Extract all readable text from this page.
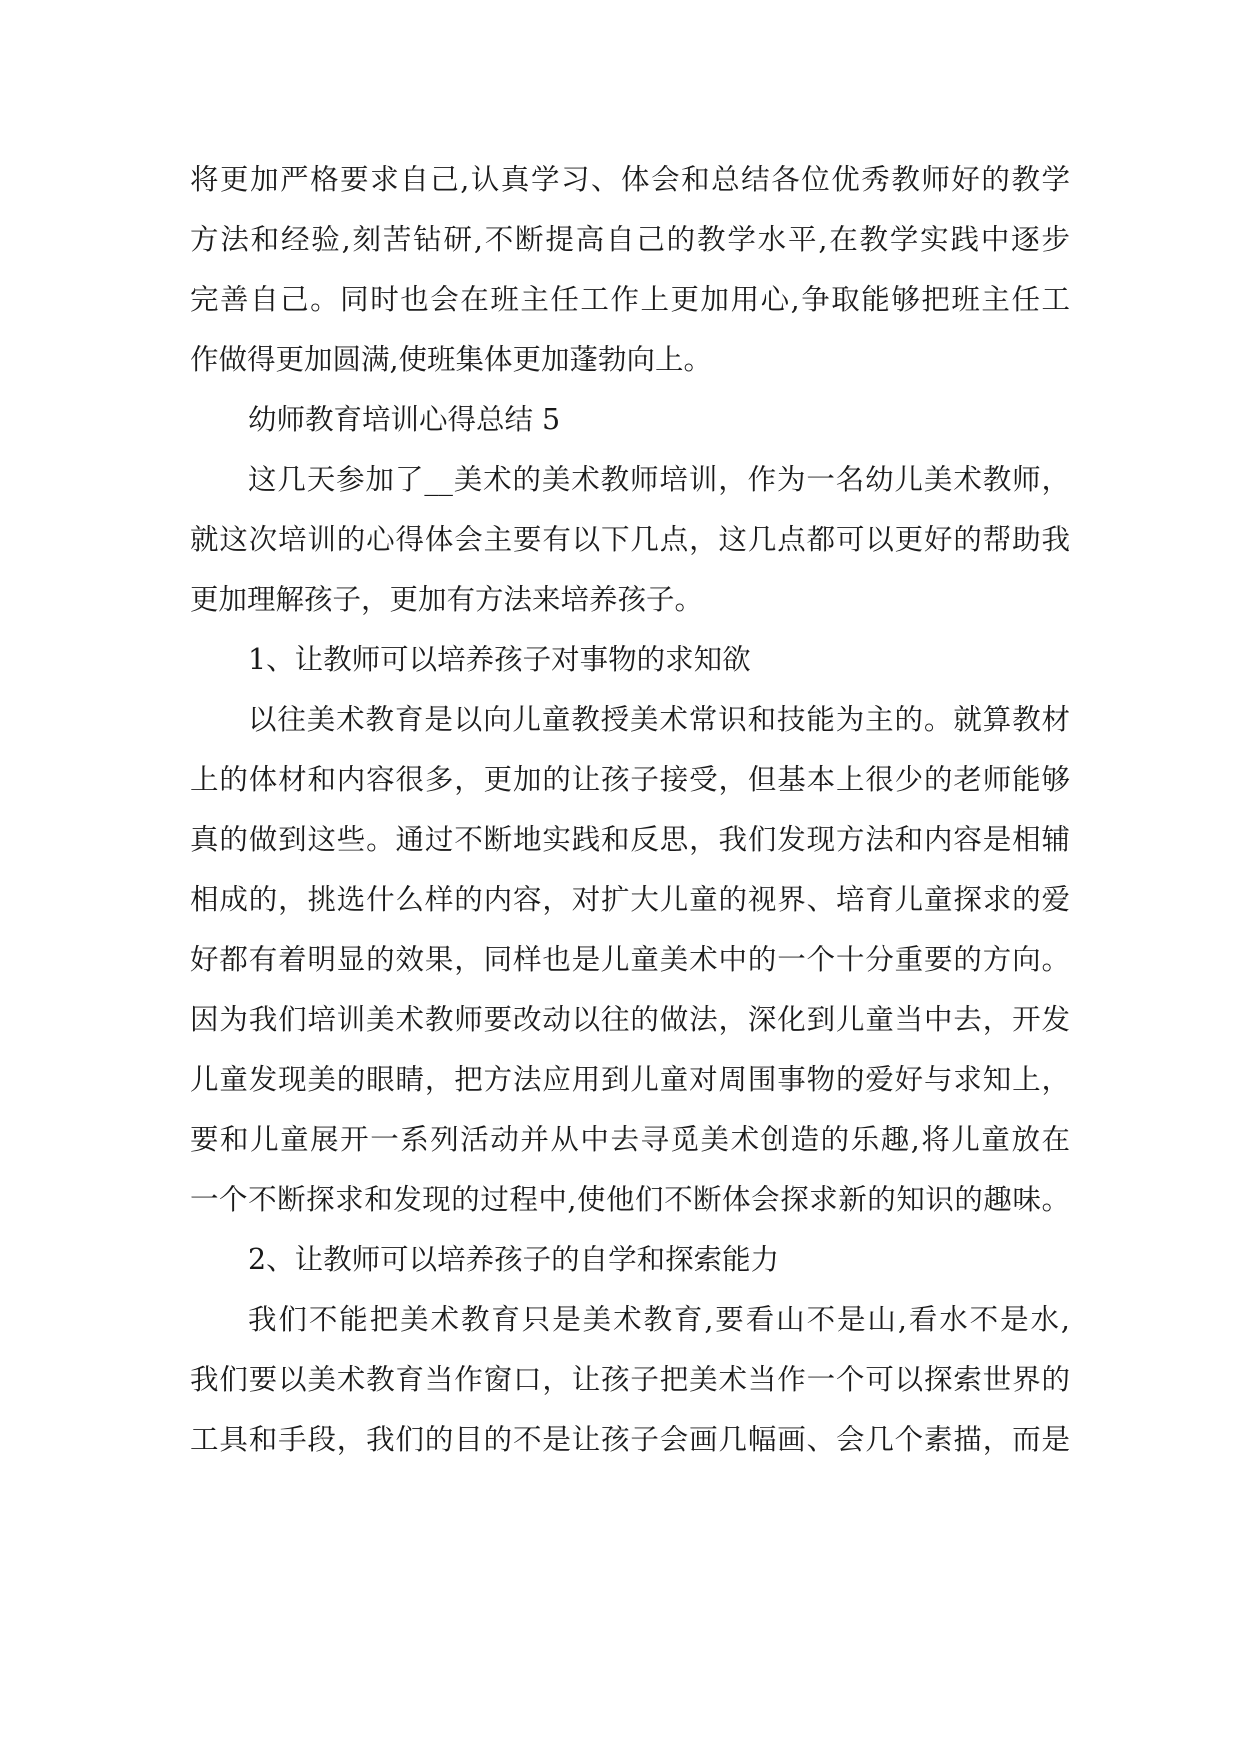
将更加严格要求自己,认真学习、体会和总结各位优秀教师好的教学
方法和经验,刻苦钻研,不断提高自己的教学水平,在教学实践中逐步
完善自己。同时也会在班主任工作上更加用心,争取能够把班主任工
作做得更加圆满,使班集体更加蓬勃向上。
幼师教育培训心得总结 5
这几天参加了__美术的美术教师培训，作为一名幼儿美术教师，
就这次培训的心得体会主要有以下几点，这几点都可以更好的帮助我
更加理解孩子，更加有方法来培养孩子。
1、让教师可以培养孩子对事物的求知欲
以往美术教育是以向儿童教授美术常识和技能为主的。就算教材
上的体材和内容很多，更加的让孩子接受，但基本上很少的老师能够
真的做到这些。通过不断地实践和反思，我们发现方法和内容是相辅
相成的，挑选什么样的内容，对扩大儿童的视界、培育儿童探求的爱
好都有着明显的效果，同样也是儿童美术中的一个十分重要的方向。
因为我们培训美术教师要改动以往的做法，深化到儿童当中去，开发
儿童发现美的眼睛，把方法应用到儿童对周围事物的爱好与求知上，
要和儿童展开一系列活动并从中去寻觅美术创造的乐趣,将儿童放在
一个不断探求和发现的过程中,使他们不断体会探求新的知识的趣味。
2、让教师可以培养孩子的自学和探索能力
我们不能把美术教育只是美术教育,要看山不是山,看水不是水,
我们要以美术教育当作窗口，让孩子把美术当作一个可以探索世界的
工具和手段，我们的目的不是让孩子会画几幅画、会几个素描，而是
